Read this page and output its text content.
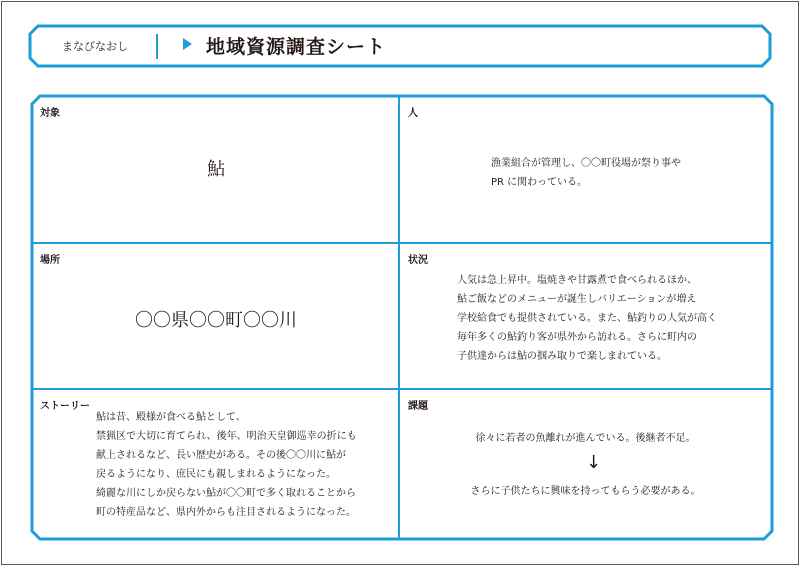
まなびなおし	地域資源調査シート
対象
鮎
人
漁業組合が管理し、〇〇町役場が祭り事や
PR に関わっている。
場所
〇〇県〇〇町〇〇川
状況
人気は急上昇中。塩焼きや甘露煮で食べられるほか、
鮎ご飯などのメニューが誕生しバリエーションが増え
学校給食でも提供されている。また、鮎釣りの人気が高く
毎年多くの鮎釣り客が県外から訪れる。さらに町内の
子供達からは鮎の掴み取りで楽しまれている。
ストーリー
鮎は昔、殿様が食べる鮎として、
禁猟区で大切に育てられ、後年、明治天皇御巡幸の折にも
献上されるなど、長い歴史がある。その後〇〇川に鮎が
戻るようになり、庶民にも親しまれるようになった。
綺麗な川にしか戻らない鮎が〇〇町で多く取れることから
町の特産品など、県内外からも注目されるようになった。
課題
徐々に若者の魚離れが進んでいる。後継者不足。
↓
さらに子供たちに興味を持ってもらう必要がある。
